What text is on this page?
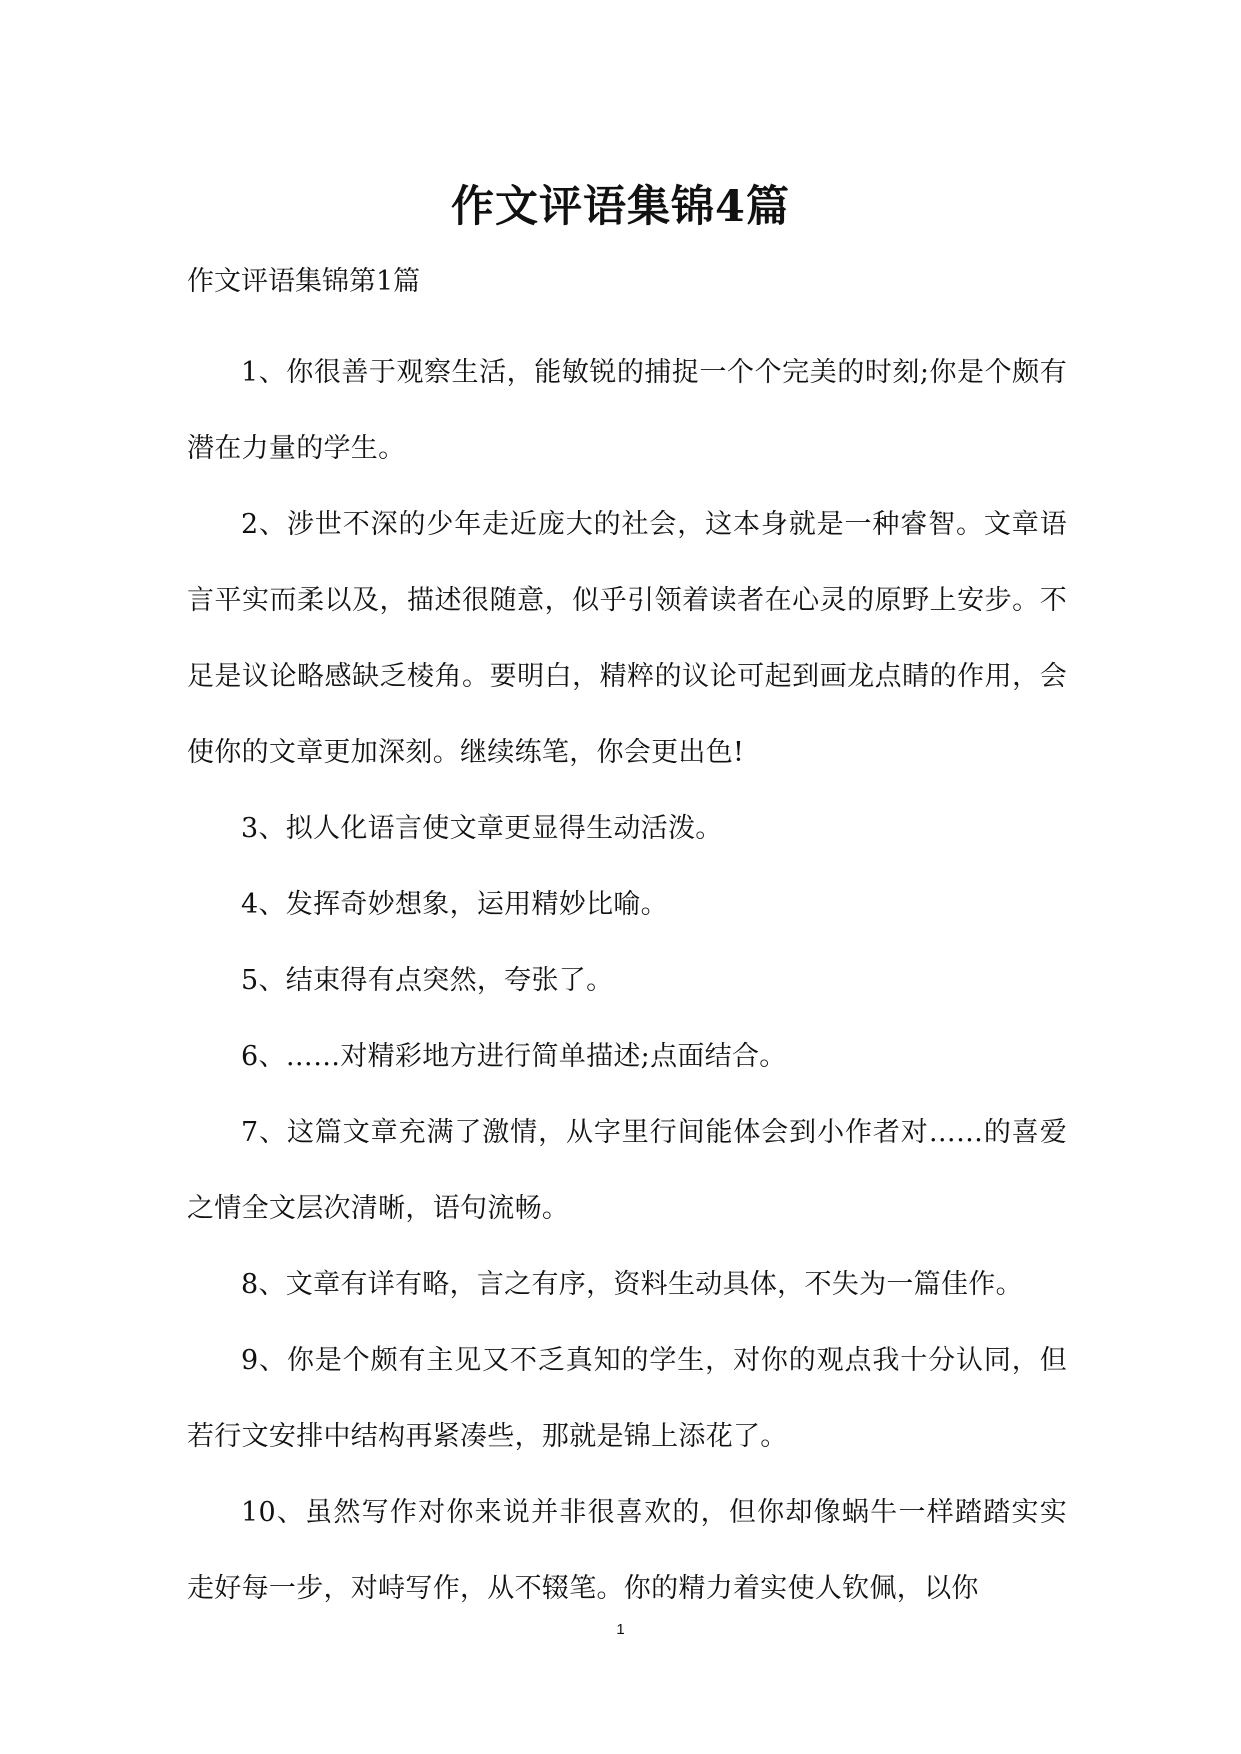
作文评语集锦4篇
作文评语集锦第1篇

1、你很善于观察生活，能敏锐的捕捉一个个完美的时刻;你是个颇有潜在力量的学生。

2、涉世不深的少年走近庞大的社会，这本身就是一种睿智。文章语言平实而柔以及，描述很随意，似乎引领着读者在心灵的原野上安步。不足是议论略感缺乏棱角。要明白，精粹的议论可起到画龙点睛的作用，会使你的文章更加深刻。继续练笔，你会更出色!

3、拟人化语言使文章更显得生动活泼。

4、发挥奇妙想象，运用精妙比喻。

5、结束得有点突然，夸张了。

6、……对精彩地方进行简单描述;点面结合。

7、这篇文章充满了激情，从字里行间能体会到小作者对……的喜爱之情全文层次清晰，语句流畅。

8、文章有详有略，言之有序，资料生动具体，不失为一篇佳作。

9、你是个颇有主见又不乏真知的学生，对你的观点我十分认同，但若行文安排中结构再紧凑些，那就是锦上添花了。

10、虽然写作对你来说并非很喜欢的，但你却像蜗牛一样踏踏实实走好每一步，对峙写作，从不辍笔。你的精力着实使人钦佩，以你

1
